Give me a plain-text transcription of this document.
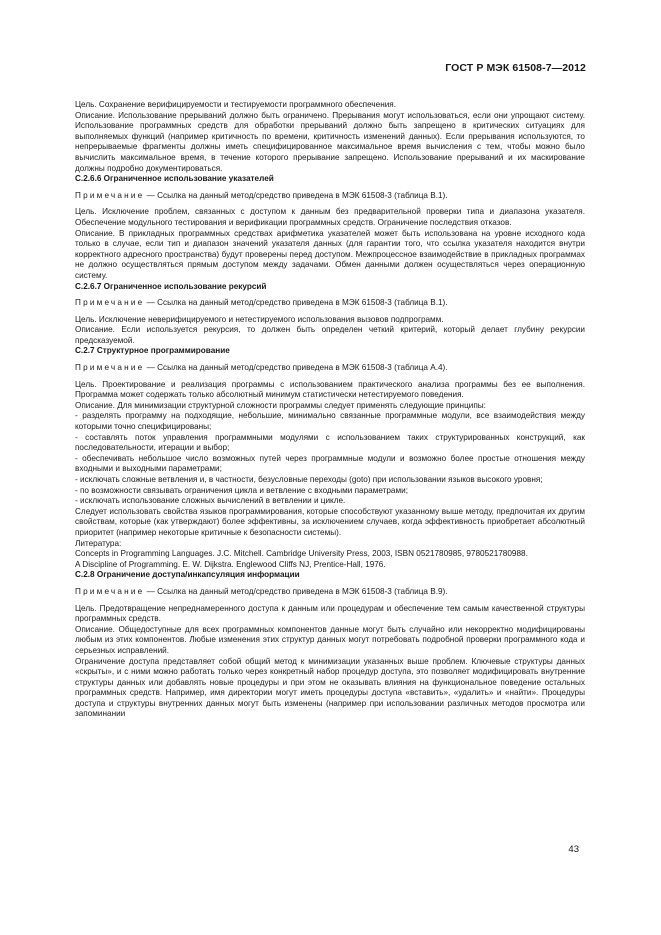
ГОСТ Р МЭК 61508-7—2012

Цель. Сохранение верифицируемости и тестируемости программного обеспечения.

Описание. Использование прерываний должно быть ограничено. Прерывания могут использоваться, если они упрощают систему. Использование программных средств для обработки прерываний должно быть запрещено в критических ситуациях для выполняемых функций (например критичность по времени, критичность изменений данных). Если прерывания используются, то непрерываемые фрагменты должны иметь специфицированное максимальное время вычисления с тем, чтобы можно было вычислить максимальное время, в течение которого прерывание запрещено. Использование прерываний и их маскирование должны подробно документироваться.

C.2.6.6 Ограниченное использование указателей

Примечание — Ссылка на данный метод/средство приведена в МЭК 61508-3 (таблица B.1).

Цель. Исключение проблем, связанных с доступом к данным без предварительной проверки типа и диапазона указателя. Обеспечение модульного тестирования и верификации программных средств. Ограничение последствия отказов.

Описание. В прикладных программных средствах арифметика указателей может быть использована на уровне исходного кода только в случае, если тип и диапазон значений указателя данных (для гарантии того, что ссылка указателя находится внутри корректного адресного пространства) будут проверены перед доступом. Межпроцессное взаимодействие в прикладных программах не должно осуществляться прямым доступом между задачами. Обмен данными должен осуществляться через операционную систему.

C.2.6.7 Ограниченное использование рекурсий

Примечание — Ссылка на данный метод/средство приведена в МЭК 61508-3 (таблица B.1).

Цель. Исключение неверифицируемого и нетестируемого использования вызовов подпрограмм.

Описание. Если используется рекурсия, то должен быть определен четкий критерий, который делает глубину рекурсии предсказуемой.

C.2.7 Структурное программирование

Примечание — Ссылка на данный метод/средство приведена в МЭК 61508-3 (таблица A.4).

Цель. Проектирование и реализация программы с использованием практического анализа программы без ее выполнения. Программа может содержать только абсолютный минимум статистически нетестируемого поведения.

Описание. Для минимизации структурной сложности программы следует применять следующие принципы:

- разделять программу на подходящие, небольшие, минимально связанные программные модули, все взаимодействия между которыми точно специфицированы;

- составлять поток управления программными модулями с использованием таких структурированных конструкций, как последовательности, итерации и выбор;

- обеспечивать небольшое число возможных путей через программные модули и возможно более простые отношения между входными и выходными параметрами;

- исключать сложные ветвления и, в частности, безусловные переходы (goto) при использовании языков высокого уровня;

- по возможности связывать ограничения цикла и ветвление с входными параметрами;

- исключать использование сложных вычислений в ветвлении и цикле.

Следует использовать свойства языков программирования, которые способствуют указанному выше методу, предпочитая их другим свойствам, которые (как утверждают) более эффективны, за исключением случаев, когда эффективность приобретает абсолютный приоритет (например некоторые критичные к безопасности системы).

Литература:

Concepts in Programming Languages. J.C. Mitchell. Cambridge University Press, 2003, ISBN 0521780985, 9780521780988.

A Discipline of Programming. E. W. Dijkstra. Englewood Cliffs NJ, Prentice-Hall, 1976.

C.2.8 Ограничение доступа/инкапсуляция информации

Примечание — Ссылка на данный метод/средство приведена в МЭК 61508-3 (таблица B.9).

Цель. Предотвращение непреднамеренного доступа к данным или процедурам и обеспечение тем самым качественной структуры программных средств.

Описание. Общедоступные для всех программных компонентов данные могут быть случайно или некорректно модифицированы любым из этих компонентов. Любые изменения этих структур данных могут потребовать подробной проверки программного кода и серьезных исправлений.

Ограничение доступа представляет собой общий метод к минимизации указанных выше проблем. Ключевые структуры данных «скрыты», и с ними можно работать только через конкретный набор процедур доступа, это позволяет модифицировать внутренние структуры данных или добавлять новые процедуры и при этом не оказывать влияния на функциональное поведение остальных программных средств. Например, имя директории могут иметь процедуры доступа «вставить», «удалить» и «найти». Процедуры доступа и структуры внутренних данных могут быть изменены (например при использовании различных методов просмотра или запоминании

43
